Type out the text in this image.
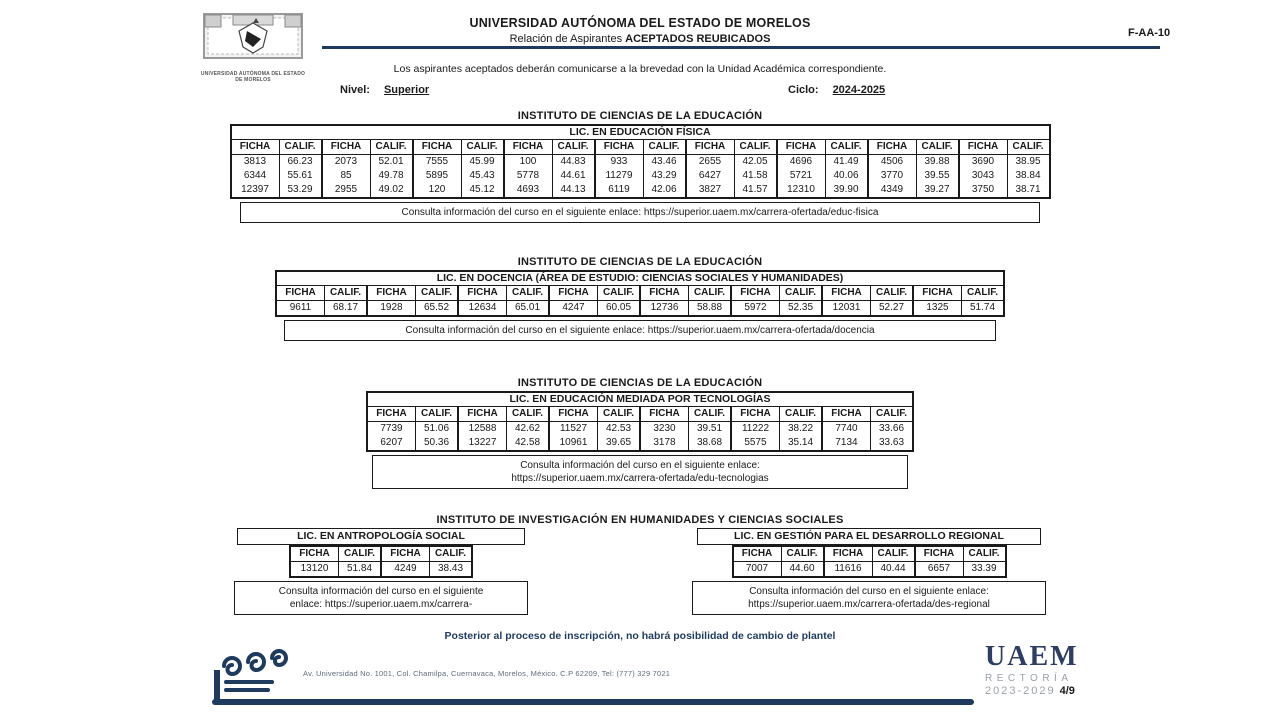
UNIVERSIDAD AUTÓNOMA DEL ESTADO DE MORELOS
UNIVERSIDAD AUTÓNOMA DEL ESTADO DE MORELOS
Relación de Aspirantes ACEPTADOS REUBICADOS	F-AA-10
Los aspirantes aceptados deberán comunicarse a la brevedad con la Unidad Académica correspondiente.
Nivel: Superior	Ciclo: 2024-2025
INSTITUTO DE CIENCIAS DE LA EDUCACIÓN
LIC. EN EDUCACIÓN FÍSICA																	
FICHA	CALIF.	FICHA	CALIF.	FICHA	CALIF.	FICHA	CALIF.	FICHA	CALIF.	FICHA	CALIF.	FICHA	CALIF.	FICHA	CALIF.	FICHA	CALIF.
3813	66.23	2073	52.01	7555	45.99	100	44.83	933	43.46	2655	42.05	4696	41.49	4506	39.88	3690	38.95
6344	55.61	85	49.78	5895	45.43	5778	44.61	11279	43.29	6427	41.58	5721	40.06	3770	39.55	3043	38.84
12397	53.29	2955	49.02	120	45.12	4693	44.13	6119	42.06	3827	41.57	12310	39.90	4349	39.27	3750	38.71
Consulta información del curso en el siguiente enlace: https://superior.uaem.mx/carrera-ofertada/educ-fisica
INSTITUTO DE CIENCIAS DE LA EDUCACIÓN
LIC. EN DOCENCIA (ÁREA DE ESTUDIO: CIENCIAS SOCIALES Y HUMANIDADES)															
FICHA	CALIF.	FICHA	CALIF.	FICHA	CALIF.	FICHA	CALIF.	FICHA	CALIF.	FICHA	CALIF.	FICHA	CALIF.	FICHA	CALIF.
9611	68.17	1928	65.52	12634	65.01	4247	60.05	12736	58.88	5972	52.35	12031	52.27	1325	51.74
Consulta información del curso en el siguiente enlace: https://superior.uaem.mx/carrera-ofertada/docencia
INSTITUTO DE CIENCIAS DE LA EDUCACIÓN
LIC. EN EDUCACIÓN MEDIADA POR TECNOLOGÍAS											
FICHA	CALIF.	FICHA	CALIF.	FICHA	CALIF.	FICHA	CALIF.	FICHA	CALIF.	FICHA	CALIF.
7739	51.06	12588	42.62	11527	42.53	3230	39.51	11222	38.22	7740	33.66
6207	50.36	13227	42.58	10961	39.65	3178	38.68	5575	35.14	7134	33.63
Consulta información del curso en el siguiente enlace:
https://superior.uaem.mx/carrera-ofertada/edu-tecnologias
INSTITUTO DE INVESTIGACIÓN EN HUMANIDADES Y CIENCIAS SOCIALES
LIC. EN ANTROPOLOGÍA SOCIAL
FICHA	CALIF.	FICHA	CALIF.
13120	51.84	4249	38.43
Consulta información del curso en el siguiente
enlace: https://superior.uaem.mx/carrera-
LIC. EN GESTIÓN PARA EL DESARROLLO REGIONAL
FICHA	CALIF.	FICHA	CALIF.	FICHA	CALIF.
7007	44.60	11616	40.44	6657	33.39
Consulta información del curso en el siguiente enlace:
https://superior.uaem.mx/carrera-ofertada/des-regional
Posterior al proceso de inscripción, no habrá posibilidad de cambio de plantel
Av. Universidad No. 1001, Col. Chamilpa, Cuernavaca, Morelos, México. C.P 62209, Tel: (777) 329 7021
UAEM
RECTORÍA
2023-2029 4/9
